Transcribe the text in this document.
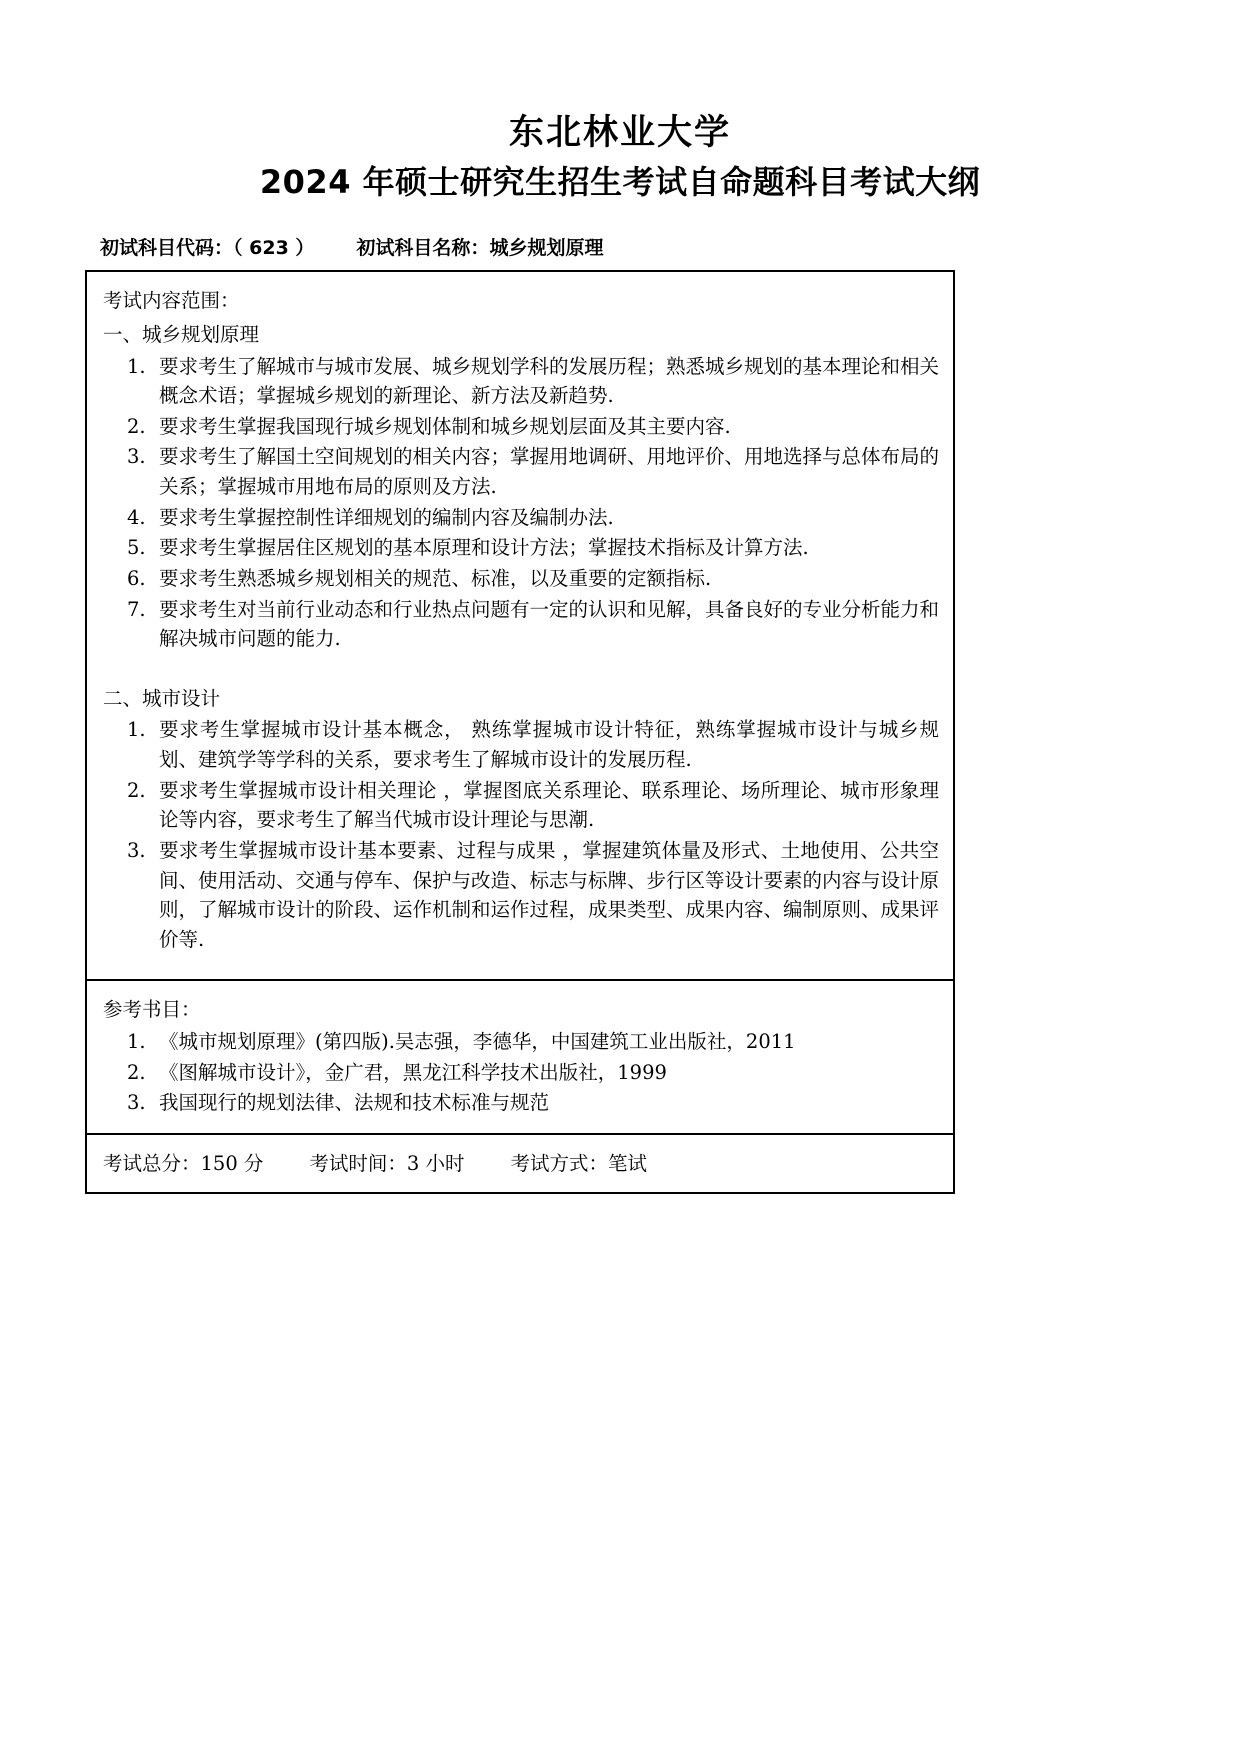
东北林业大学
2024 年硕士研究生招生考试自命题科目考试大纲
初试科目代码：（ 623 ） 初试科目名称： 城乡规划原理
考试内容范围：
一、城乡规划原理
1. 要求考生了解城市与城市发展、城乡规划学科的发展历程；熟悉城乡规划的基本理论和相关概念术语；掌握城乡规划的新理论、新方法及新趋势.
2. 要求考生掌握我国现行城乡规划体制和城乡规划层面及其主要内容.
3. 要求考生了解国土空间规划的相关内容；掌握用地调研、用地评价、用地选择与总体布局的关系；掌握城市用地布局的原则及方法.
4. 要求考生掌握控制性详细规划的编制内容及编制办法.
5. 要求考生掌握居住区规划的基本原理和设计方法；掌握技术指标及计算方法.
6. 要求考生熟悉城乡规划相关的规范、标准，以及重要的定额指标.
7. 要求考生对当前行业动态和行业热点问题有一定的认识和见解，具备良好的专业分析能力和解决城市问题的能力.
二、城市设计
1. 要求考生掌握城市设计基本概念， 熟练掌握城市设计特征，熟练掌握城市设计与城乡规划、建筑学等学科的关系，要求考生了解城市设计的发展历程.
2. 要求考生掌握城市设计相关理论 ，掌握图底关系理论、联系理论、场所理论、城市形象理论等内容，要求考生了解当代城市设计理论与思潮.
3. 要求考生掌握城市设计基本要素、过程与成果 ，掌握建筑体量及形式、土地使用、公共空间、使用活动、交通与停车、保护与改造、标志与标牌、步行区等设计要素的内容与设计原则，了解城市设计的阶段、运作机制和运作过程，成果类型、成果内容、编制原则、成果评价等.
参考书目：
1. 《城市规划原理》(第四版).吴志强，李德华，中国建筑工业出版社，2011
2. 《图解城市设计》，金广君，黑龙江科学技术出版社，1999
3. 我国现行的规划法律、法规和技术标准与规范
考试总分：150 分 考试时间：3 小时 考试方式：笔试
